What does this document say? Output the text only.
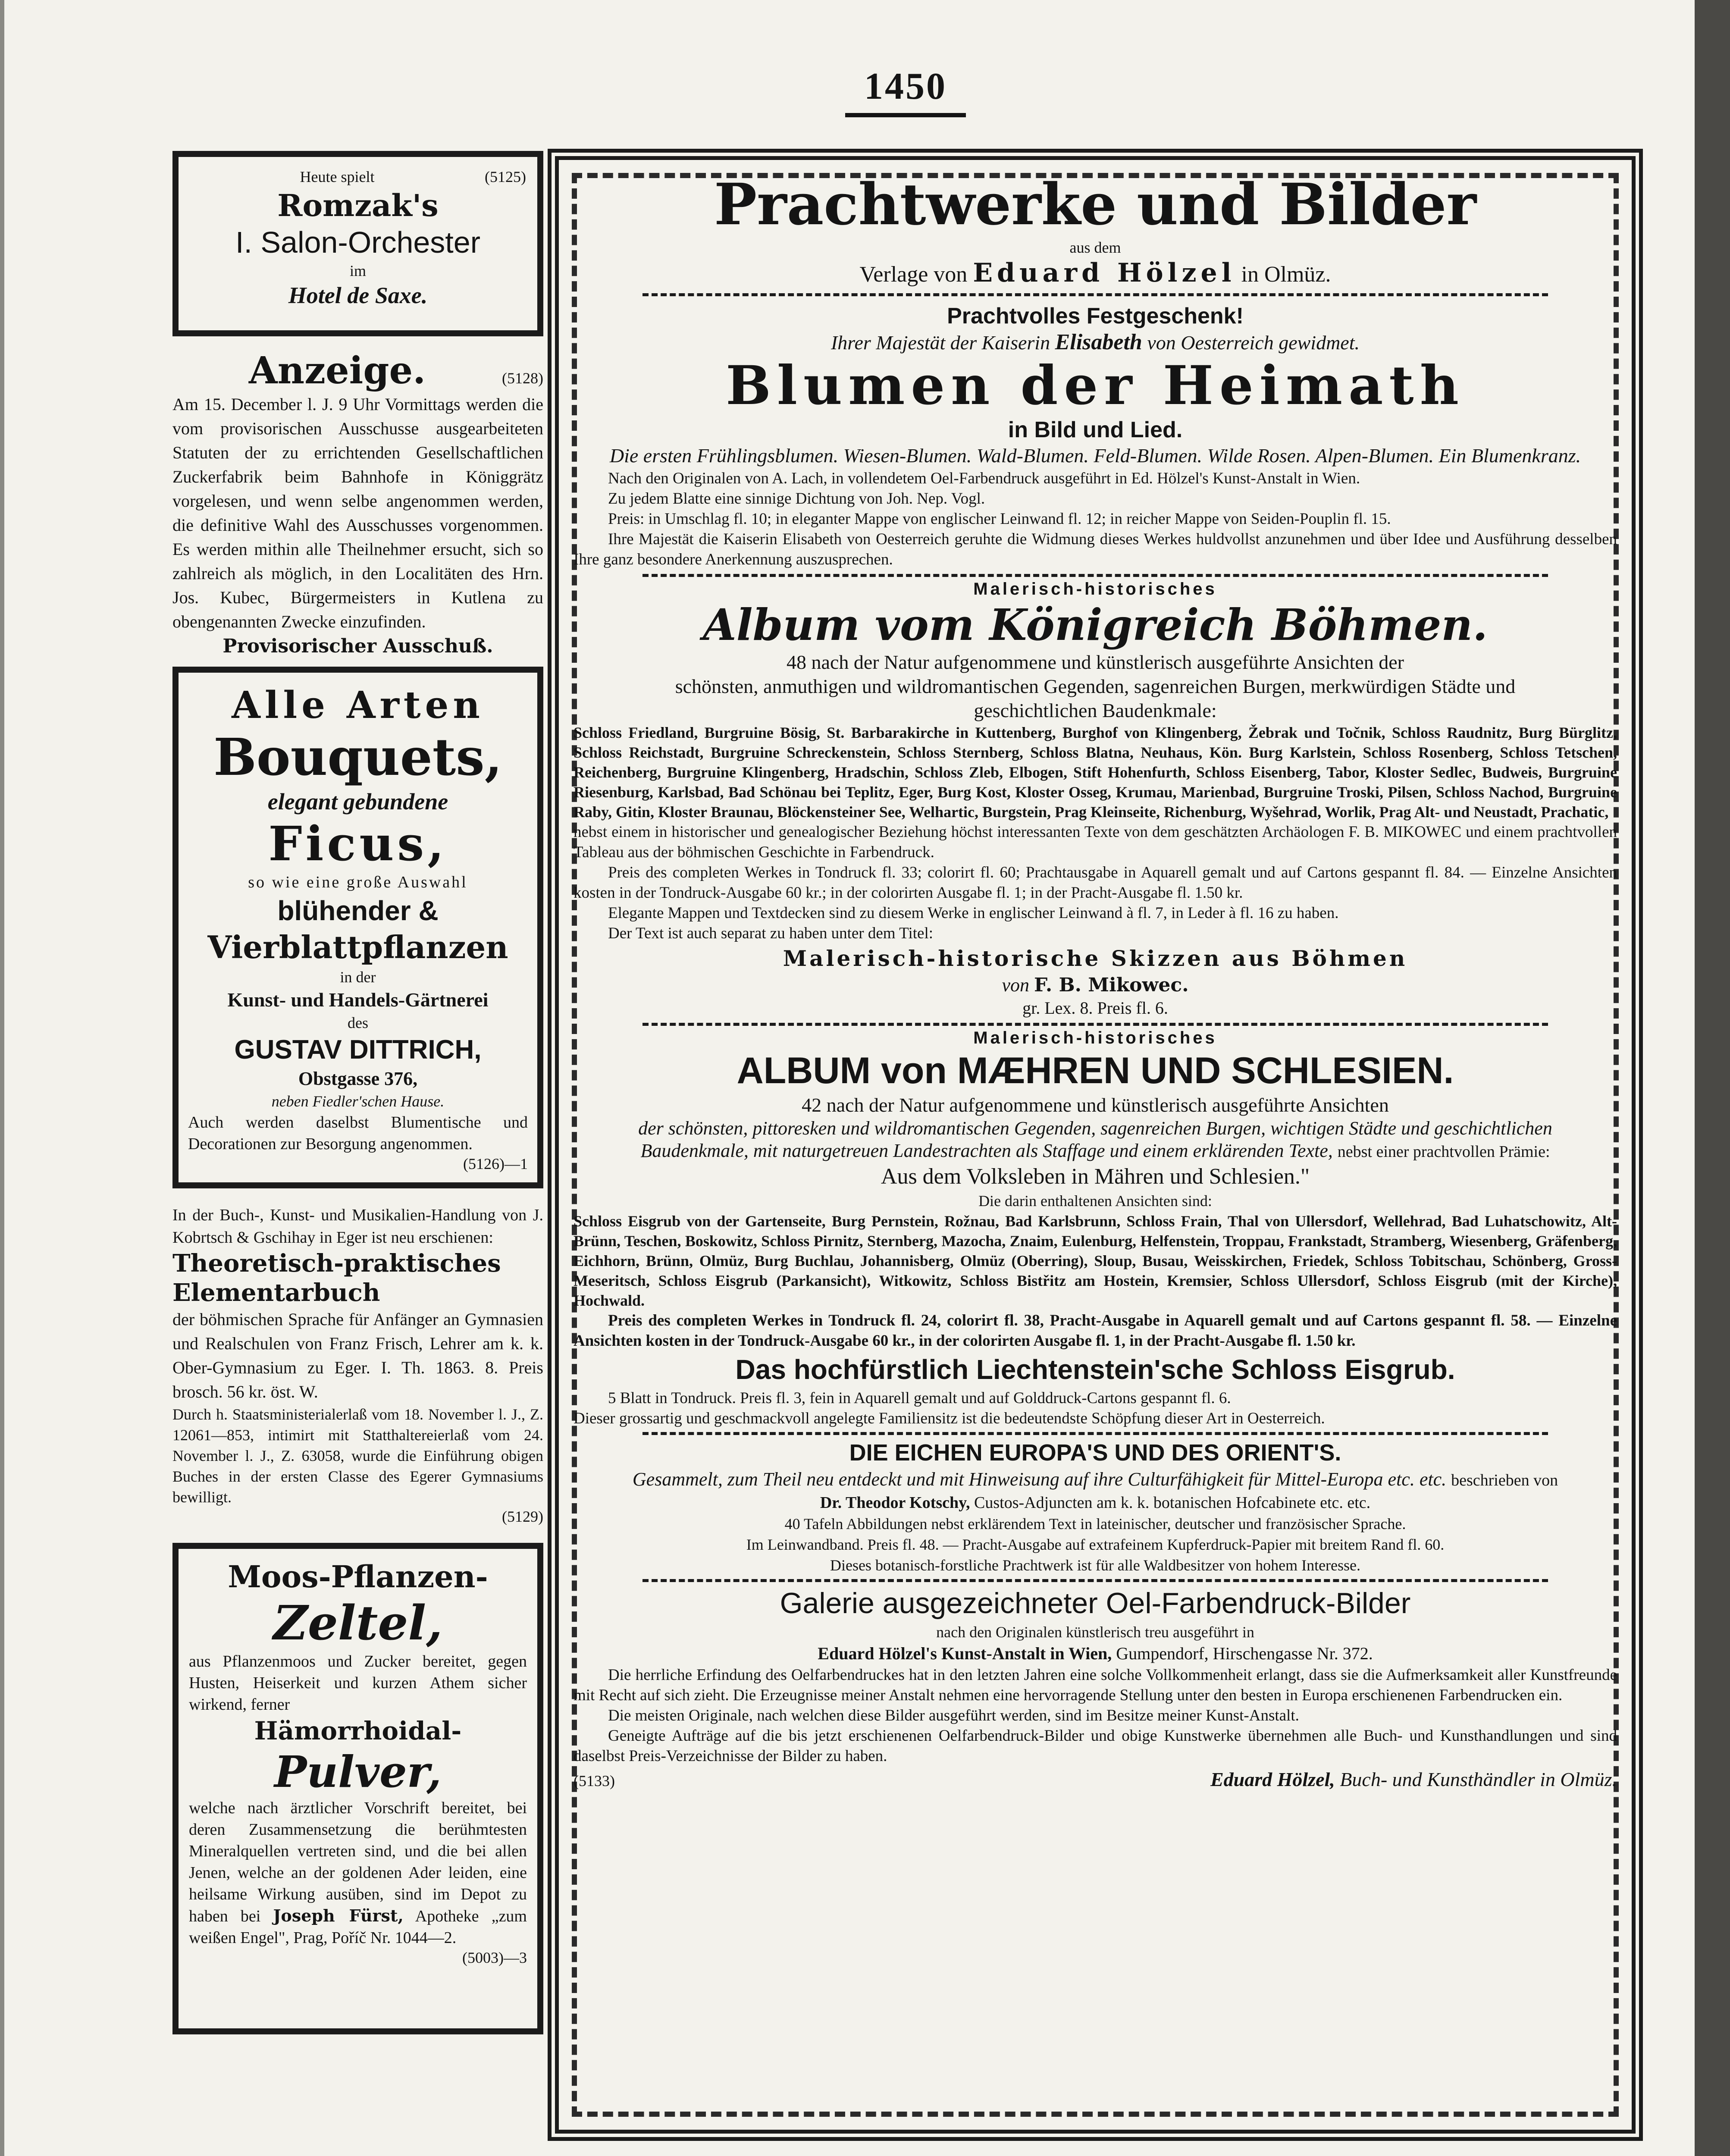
1450
Heute spielt	(5125)
Romzak's
I. Salon-Orchester
im
Hotel de Saxe.
Anzeige.	(5128)
Am 15. December l. J. 9 Uhr Vormittags werden die vom provisorischen Ausschusse ausgearbeiteten Statuten der zu errichtenden Gesellschaftlichen Zuckerfabrik beim Bahnhofe in Königgrätz vorgelesen, und wenn selbe angenommen werden, die definitive Wahl des Ausschusses vorgenommen. Es werden mithin alle Theilnehmer ersucht, sich so zahlreich als möglich, in den Localitäten des Hrn. Jos. Kubec, Bürgermeisters in Kutlena zu obengenannten Zwecke einzufinden.
Provisorischer Ausschuß.
Alle Arten
Bouquets,
elegant gebundene
Ficus,
so wie eine große Auswahl
blühender &
Vierblattpflanzen
in der
Kunst- und Handels-Gärtnerei
des
GUSTAV DITTRICH,
Obstgasse 376,
neben Fiedler'schen Hause.
Auch werden daselbst Blumentische und Decorationen zur Besorgung angenommen.
(5126)—1
In der Buch-, Kunst- und Musikalien-Handlung von J. Kobrtsch & Gschihay in Eger ist neu erschienen:
Theoretisch-praktisches Elementarbuch
der böhmischen Sprache für Anfänger an Gymnasien und Realschulen von Franz Frisch, Lehrer am k. k. Ober-Gymnasium zu Eger. I. Th. 1863. 8. Preis brosch. 56 kr. öst. W.
Durch h. Staatsministerialerlaß vom 18. November l. J., Z. 12061—853, intimirt mit Statthaltereierlaß vom 24. November l. J., Z. 63058, wurde die Einführung obigen Buches in der ersten Classe des Egerer Gymnasiums bewilligt.
(5129)
Moos-Pflanzen-
Zeltel,
aus Pflanzenmoos und Zucker bereitet, gegen Husten, Heiserkeit und kurzen Athem sicher wirkend, ferner
Hämorrhoidal-
Pulver,
welche nach ärztlicher Vorschrift bereitet, bei deren Zusammensetzung die berühmtesten Mineralquellen vertreten sind, und die bei allen Jenen, welche an der goldenen Ader leiden, eine heilsame Wirkung ausüben, sind im Depot zu haben bei Joseph Fürst, Apotheke „zum weißen Engel", Prag, Poříč Nr. 1044—2.
(5003)—3
Prachtwerke und Bilder
aus dem
Verlage von Eduard Hölzel in Olmüz.
Prachtvolles Festgeschenk!
Ihrer Majestät der Kaiserin Elisabeth von Oesterreich gewidmet.
Blumen der Heimath
in Bild und Lied.
Die ersten Frühlingsblumen. Wiesen-Blumen. Wald-Blumen. Feld-Blumen. Wilde Rosen. Alpen-Blumen. Ein Blumenkranz.
Nach den Originalen von A. Lach, in vollendetem Oel-Farbendruck ausgeführt in Ed. Hölzel's Kunst-Anstalt in Wien.
Zu jedem Blatte eine sinnige Dichtung von Joh. Nep. Vogl.
Preis: in Umschlag fl. 10; in eleganter Mappe von englischer Leinwand fl. 12; in reicher Mappe von Seiden-Pouplin fl. 15.
Ihre Majestät die Kaiserin Elisabeth von Oesterreich geruhte die Widmung dieses Werkes huldvollst anzunehmen und über Idee und Ausführung desselben Ihre ganz besondere Anerkennung auszusprechen.
Malerisch-historisches
Album vom Königreich Böhmen.
48 nach der Natur aufgenommene und künstlerisch ausgeführte Ansichten der
schönsten, anmuthigen und wildromantischen Gegenden, sagenreichen Burgen, merkwürdigen Städte und geschichtlichen Baudenkmale:
Schloss Friedland, Burgruine Bösig, St. Barbarakirche in Kuttenberg, Burghof von Klingenberg, Žebrak und Točnik, Schloss Raudnitz, Burg Bürglitz, Schloss Reichstadt, Burgruine Schreckenstein, Schloss Sternberg, Schloss Blatna, Neuhaus, Kön. Burg Karlstein, Schloss Rosenberg, Schloss Tetschen, Reichenberg, Burgruine Klingenberg, Hradschin, Schloss Zleb, Elbogen, Stift Hohenfurth, Schloss Eisenberg, Tabor, Kloster Sedlec, Budweis, Burgruine Riesenburg, Karlsbad, Bad Schönau bei Teplitz, Eger, Burg Kost, Kloster Osseg, Krumau, Marienbad, Burgruine Troski, Pilsen, Schloss Nachod, Burgruine Raby, Gitin, Kloster Braunau, Blöckensteiner See, Welhartic, Burgstein, Prag Kleinseite, Richenburg, Wyšehrad, Worlik, Prag Alt- und Neustadt, Prachatic,
nebst einem in historischer und genealogischer Beziehung höchst interessanten Texte von dem geschätzten Archäologen F. B. MIKOWEC und einem prachtvollen Tableau aus der böhmischen Geschichte in Farbendruck.
Preis des completen Werkes in Tondruck fl. 33; colorirt fl. 60; Prachtausgabe in Aquarell gemalt und auf Cartons gespannt fl. 84. — Einzelne Ansichten kosten in der Tondruck-Ausgabe 60 kr.; in der colorirten Ausgabe fl. 1; in der Pracht-Ausgabe fl. 1.50 kr.
Elegante Mappen und Textdecken sind zu diesem Werke in englischer Leinwand à fl. 7, in Leder à fl. 16 zu haben.
Der Text ist auch separat zu haben unter dem Titel:
Malerisch-historische Skizzen aus Böhmen
von F. B. Mikowec.
gr. Lex. 8. Preis fl. 6.
Malerisch-historisches
ALBUM von MÆHREN UND SCHLESIEN.
42 nach der Natur aufgenommene und künstlerisch ausgeführte Ansichten
der schönsten, pittoresken und wildromantischen Gegenden, sagenreichen Burgen, wichtigen Städte und geschichtlichen Baudenkmale, mit naturgetreuen Landestrachten als Staffage und einem erklärenden Texte, nebst einer prachtvollen Prämie:
Aus dem Volksleben in Mähren und Schlesien."
Die darin enthaltenen Ansichten sind:
Schloss Eisgrub von der Gartenseite, Burg Pernstein, Rožnau, Bad Karlsbrunn, Schloss Frain, Thal von Ullersdorf, Wellehrad, Bad Luhatschowitz, Alt-Brünn, Teschen, Boskowitz, Schloss Pirnitz, Sternberg, Mazocha, Znaim, Eulenburg, Helfenstein, Troppau, Frankstadt, Stramberg, Wiesenberg, Gräfenberg, Eichhorn, Brünn, Olmüz, Burg Buchlau, Johannisberg, Olmüz (Oberring), Sloup, Busau, Weisskirchen, Friedek, Schloss Tobitschau, Schönberg, Gross-Meseritsch, Schloss Eisgrub (Parkansicht), Witkowitz, Schloss Bistřitz am Hostein, Kremsier, Schloss Ullersdorf, Schloss Eisgrub (mit der Kirche), Hochwald.
Preis des completen Werkes in Tondruck fl. 24, colorirt fl. 38, Pracht-Ausgabe in Aquarell gemalt und auf Cartons gespannt fl. 58. — Einzelne Ansichten kosten in der Tondruck-Ausgabe 60 kr., in der colorirten Ausgabe fl. 1, in der Pracht-Ausgabe fl. 1.50 kr.
Das hochfürstlich Liechtenstein'sche Schloss Eisgrub.
5 Blatt in Tondruck. Preis fl. 3, fein in Aquarell gemalt und auf Golddruck-Cartons gespannt fl. 6.
Dieser grossartig und geschmackvoll angelegte Familiensitz ist die bedeutendste Schöpfung dieser Art in Oesterreich.
DIE EICHEN EUROPA'S UND DES ORIENT'S.
Gesammelt, zum Theil neu entdeckt und mit Hinweisung auf ihre Culturfähigkeit für Mittel-Europa etc. etc. beschrieben von
Dr. Theodor Kotschy, Custos-Adjuncten am k. k. botanischen Hofcabinete etc. etc.
40 Tafeln Abbildungen nebst erklärendem Text in lateinischer, deutscher und französischer Sprache.
Im Leinwandband. Preis fl. 48. — Pracht-Ausgabe auf extrafeinem Kupferdruck-Papier mit breitem Rand fl. 60.
Dieses botanisch-forstliche Prachtwerk ist für alle Waldbesitzer von hohem Interesse.
Galerie ausgezeichneter Oel-Farbendruck-Bilder
nach den Originalen künstlerisch treu ausgeführt in
Eduard Hölzel's Kunst-Anstalt in Wien, Gumpendorf, Hirschengasse Nr. 372.
Die herrliche Erfindung des Oelfarbendruckes hat in den letzten Jahren eine solche Vollkommenheit erlangt, dass sie die Aufmerksamkeit aller Kunstfreunde mit Recht auf sich zieht. Die Erzeugnisse meiner Anstalt nehmen eine hervorragende Stellung unter den besten in Europa erschienenen Farbendrucken ein.
Die meisten Originale, nach welchen diese Bilder ausgeführt werden, sind im Besitze meiner Kunst-Anstalt.
Geneigte Aufträge auf die bis jetzt erschienenen Oelfarbendruck-Bilder und obige Kunstwerke übernehmen alle Buch- und Kunsthandlungen und sind daselbst Preis-Verzeichnisse der Bilder zu haben.
(5133)	Eduard Hölzel, Buch- und Kunsthändler in Olmüz.
